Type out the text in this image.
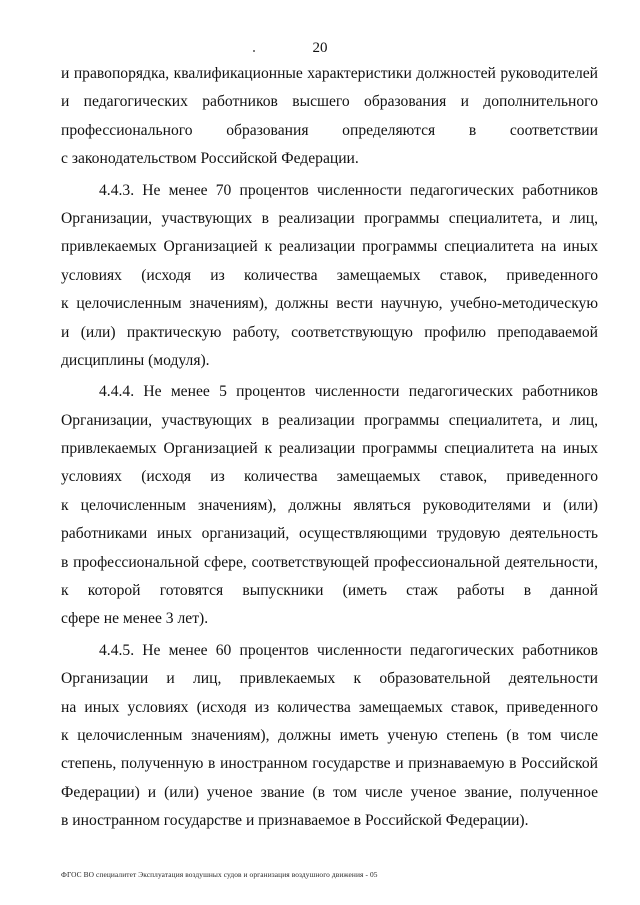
20
и правопорядка, квалификационные характеристики должностей руководителей
и педагогических работников высшего образования и дополнительного
профессионального образования определяются в соответствии
с законодательством Российской Федерации.
4.4.3. Не менее 70 процентов численности педагогических работников
Организации, участвующих в реализации программы специалитета, и лиц,
привлекаемых Организацией к реализации программы специалитета на иных
условиях (исходя из количества замещаемых ставок, приведенного
к целочисленным значениям), должны вести научную, учебно-методическую
и (или) практическую работу, соответствующую профилю преподаваемой
дисциплины (модуля).
4.4.4. Не менее 5 процентов численности педагогических работников
Организации, участвующих в реализации программы специалитета, и лиц,
привлекаемых Организацией к реализации программы специалитета на иных
условиях (исходя из количества замещаемых ставок, приведенного
к целочисленным значениям), должны являться руководителями и (или)
работниками иных организаций, осуществляющими трудовую деятельность
в профессиональной сфере, соответствующей профессиональной деятельности,
к которой готовятся выпускники (иметь стаж работы в данной
сфере не менее 3 лет).
4.4.5. Не менее 60 процентов численности педагогических работников
Организации и лиц, привлекаемых к образовательной деятельности
на иных условиях (исходя из количества замещаемых ставок, приведенного
к целочисленным значениям), должны иметь ученую степень (в том числе
степень, полученную в иностранном государстве и признаваемую в Российской
Федерации) и (или) ученое звание (в том числе ученое звание, полученное
в иностранном государстве и признаваемое в Российской Федерации).
ФГОС ВО специалитет Эксплуатация воздушных судов и организация воздушного движения - 05
